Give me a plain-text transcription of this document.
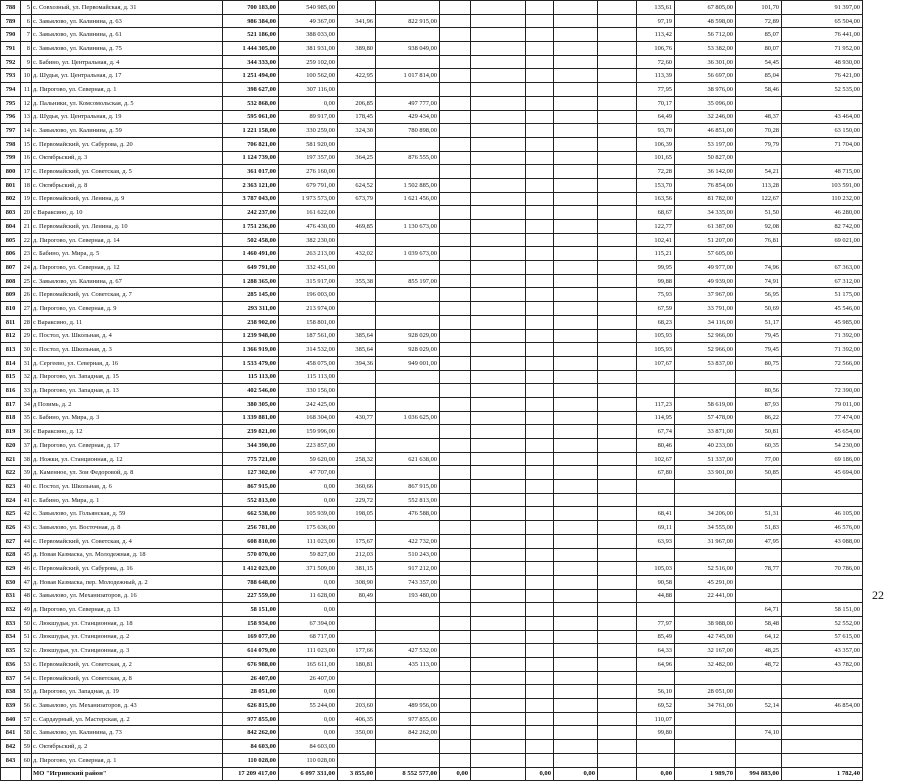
788	5	с. Совхозный, ул. Первомайская, д. 31	700 183,00	540 985,00								135,61	67 805,00	101,70	91 397,00	
789	6	с. Завьялово, ул. Калинина, д. 63	986 384,00	49 367,00	341,96	822 915,00						97,19	48 598,00	72,89	65 504,00	
790	7	с. Завьялово, ул. Калинина, д. 61	521 186,00	388 033,00								113,42	56 712,00	85,07	76 441,00	
791	8	с. Завьялово, ул. Калинина, д. 75	1 444 305,00	381 931,00	389,80	938 049,00						106,76	53 382,00	80,07	71 952,00	
792	9	с. Бабино, ул. Центральная, д. 4	344 333,00	259 102,00								72,60	36 301,00	54,45	48 930,00	
793	10	д. Шудья, ул. Центральная, д. 17	1 251 494,00	100 562,00	422,95	1 017 814,00						113,39	56 697,00	85,04	76 421,00	
794	11	д. Пирогово, ул. Северная, д. 1	398 627,00	307 116,00								77,95	38 976,00	58,46	52 535,00	
795	12	д. Пальники, ул. Комсомольская, д. 5	532 868,00	0,00	206,85	497 777,00						70,17	35 096,00			
796	13	д. Шудья, ул. Центральная, д. 19	595 061,00	89 917,00	178,45	429 434,00						64,49	32 246,00	48,37	43 464,00	
797	14	с. Завьялово, ул. Калинина, д. 59	1 221 158,00	330 259,00	324,30	780 898,00						93,70	46 851,00	70,28	63 150,00	
798	15	с. Первомайский, ул. Сабурова, д. 20	706 821,00	581 920,00								106,39	53 197,00	79,79	71 704,00	
799	16	с. Октябрьский, д. 3	1 124 739,00	197 357,00	364,25	876 555,00						101,65	50 827,00			
800	17	с. Первомайский, ул. Советская, д. 5	361 017,00	276 160,00								72,28	36 142,00	54,21	48 715,00	
801	18	с. Октябрьский, д. 8	2 363 121,00	679 791,00	624,52	1 502 885,00						153,70	76 854,00	113,28	103 591,00	
802	19	с. Первомайский, ул. Ленина, д. 9	3 787 043,00	1 973 573,00	673,79	1 621 456,00						163,56	81 782,00	122,67	110 232,00	
803	20	с Вараксино, д. 10	242 237,00	161 622,00								68,67	34 335,00	51,50	46 280,00	
804	21	с. Первомайский, ул. Ленина, д. 10	1 751 236,00	476 430,00	469,85	1 130 673,00						122,77	61 387,00	92,08	82 742,00	
805	22	д. Пирогово, ул. Северная, д. 14	502 458,00	382 230,00								102,41	51 207,00	76,81	69 021,00	
806	23	с. Бабино, ул. Мира, д. 5	1 460 491,00	263 213,00	432,02	1 039 673,00						115,21	57 605,00			
807	24	д. Пирогово, ул. Северная, д. 12	649 791,00	332 451,00								99,95	49 977,00	74,96	67 363,00	
808	25	с. Завьялово, ул. Калинина, д. 67	1 288 365,00	315 917,00	355,38	855 197,00						99,88	49 939,00	74,91	67 312,00	
809	26	с. Первомайский, ул. Советская, д. 7	285 145,00	196 003,00								75,93	37 967,00	56,95	51 175,00	
810	27	д. Пирогово, ул. Северная, д. 9	293 311,00	213 974,00								67,59	33 791,00	50,69	45 546,00	
811	28	с Вараксино, д. 11	238 902,00	158 801,00								68,23	34 116,00	51,17	45 985,00	
812	29	с. Постол, ул. Школьная, д. 4	1 239 948,00	187 561,00	385,64	928 029,00						105,93	52 966,00	79,45	71 392,00	
813	30	с. Постол, ул. Школьная, д. 3	1 366 919,00	314 532,00	385,64	928 029,00						105,93	52 966,00	79,45	71 392,00	
814	31	д. Сергеево, ул. Северная, д. 16	1 533 479,00	458 075,00	394,36	949 001,00						107,67	53 837,00	80,75	72 566,00	
815	32	д. Пирогово, ул. Западная, д. 15	115 113,00	115 113,00												
816	33	д. Пирогово, ул. Западная, д. 13	402 546,00	330 156,00										80,56	72 390,00	
817	34	д Позимь, д. 2	380 305,00	242 425,00								117,23	58 619,00	87,93	79 011,00	
818	35	с. Бабино, ул. Мира, д. 3	1 339 881,00	168 304,00	430,77	1 036 625,00						114,95	57 478,00	86,22	77 474,00	
819	36	с Вараксино, д. 12	239 821,00	159 996,00								67,74	33 871,00	50,81	45 654,00	
820	37	д. Пирогово, ул. Северная, д. 17	344 390,00	223 857,00								80,46	40 233,00	60,35	54 230,00	
821	38	д. Ножки, ул. Станционная, д. 12	775 721,00	59 620,00	258,32	621 638,00						102,67	51 337,00	77,00	69 186,00	
822	39	д. Каменное, ул. Зои Федоровой, д. 8	127 302,00	47 707,00								67,80	33 901,00	50,85	45 694,00	
823	40	с. Постол, ул. Школьная, д. 6	867 915,00	0,00	360,66	867 915,00										
824	41	с. Бабино, ул. Мира, д. 1	552 813,00	0,00	229,72	552 813,00										
825	42	с. Завьялово, ул. Гольянская, д. 59	662 538,00	105 939,00	198,05	476 588,00						68,41	34 206,00	51,31	46 105,00	
826	43	с. Завьялово, ул. Восточная, д. 8	256 781,00	175 636,00								69,11	34 555,00	51,83	46 576,00	
827	44	с. Первомайский, ул. Советская, д. 4	608 810,00	111 023,00	175,67	422 732,00						63,93	31 967,00	47,95	43 088,00	
828	45	д. Новая Казмаска, ул. Молодежная, д. 18	570 070,00	59 827,00	212,03	510 243,00										
829	46	с. Первомайский, ул. Сабурова, д. 16	1 412 023,00	371 509,00	381,15	917 212,00						105,03	52 516,00	78,77	70 786,00	
830	47	д. Новая Казмаска, пер. Молодежный, д. 2	788 648,00	0,00	308,90	743 357,00						90,58	45 291,00			
831	48	с. Завьялово, ул. Механизаторов, д. 16	227 559,00	11 628,00	80,49	193 480,00						44,88	22 441,00			
832	49	д. Пирогово, ул. Северная, д. 13	58 151,00	0,00										64,71	58 151,00	
833	50	с. Люкшудья, ул. Станционная, д. 18	158 934,00	67 394,00								77,97	38 988,00	58,48	52 552,00	
834	51	с. Люкшудья, ул. Станционная, д. 2	169 077,00	68 717,00								85,49	42 745,00	64,12	57 615,00	
835	52	с. Люкшудья, ул. Станционная, д. 3	614 079,00	111 023,00	177,66	427 532,00						64,33	32 167,00	48,25	43 357,00	
836	53	с. Первомайский, ул. Советская, д. 2	676 988,00	165 611,00	180,81	435 113,00						64,96	32 482,00	48,72	43 782,00	
837	54	с. Первомайский, ул. Советская, д. 8	26 407,00	26 407,00												
838	55	д. Пирогово, ул. Западная, д. 19	28 051,00	0,00								56,10	28 051,00			
839	56	с. Завьялово, ул. Механизаторов, д. 43	626 815,00	55 244,00	203,60	489 956,00						69,52	34 761,00	52,14	46 854,00	
840	57	с. Сардаурный, ул. Мастерская, д. 2	977 855,00	0,00	406,35	977 855,00						110,07				
841	58	с. Завьялово, ул. Калинина, д. 73	842 262,00	0,00	350,00	842 262,00						99,80		74,10		
842	59	с. Октябрьский, д. 2	84 603,00	84 603,00												
843	60	д. Пирогово, ул. Северная, д. 1	110 028,00	110 028,00												
		МО "Игринский район"	17 209 417,00	6 097 331,00	3 855,00	8 552 577,00	0,00		0,00	0,00		0,00	1 989,70	994 883,00	1 782,40	
22
